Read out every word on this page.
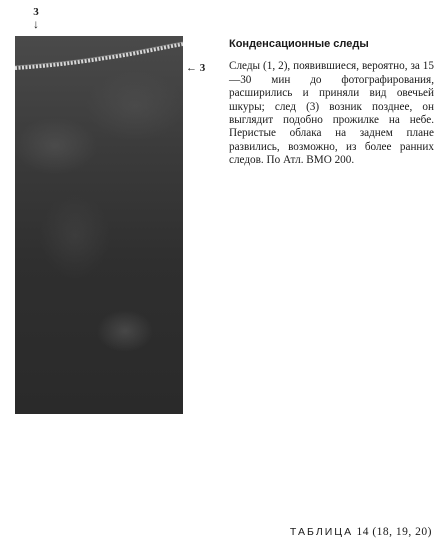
3
↓
← 3
Конденсационные следы

Следы (1, 2), появившиеся, вероятно, за 15—30 мин до фотографирования, расширились и приняли вид овечьей шкуры; след (3) возник позднее, он выглядит подобно прожилке на небе. Перистые облака на заднем плане развились, возможно, из более ранних следов. По Атл. ВМО 200.

ТАБЛИЦА 14 (18, 19, 20)
